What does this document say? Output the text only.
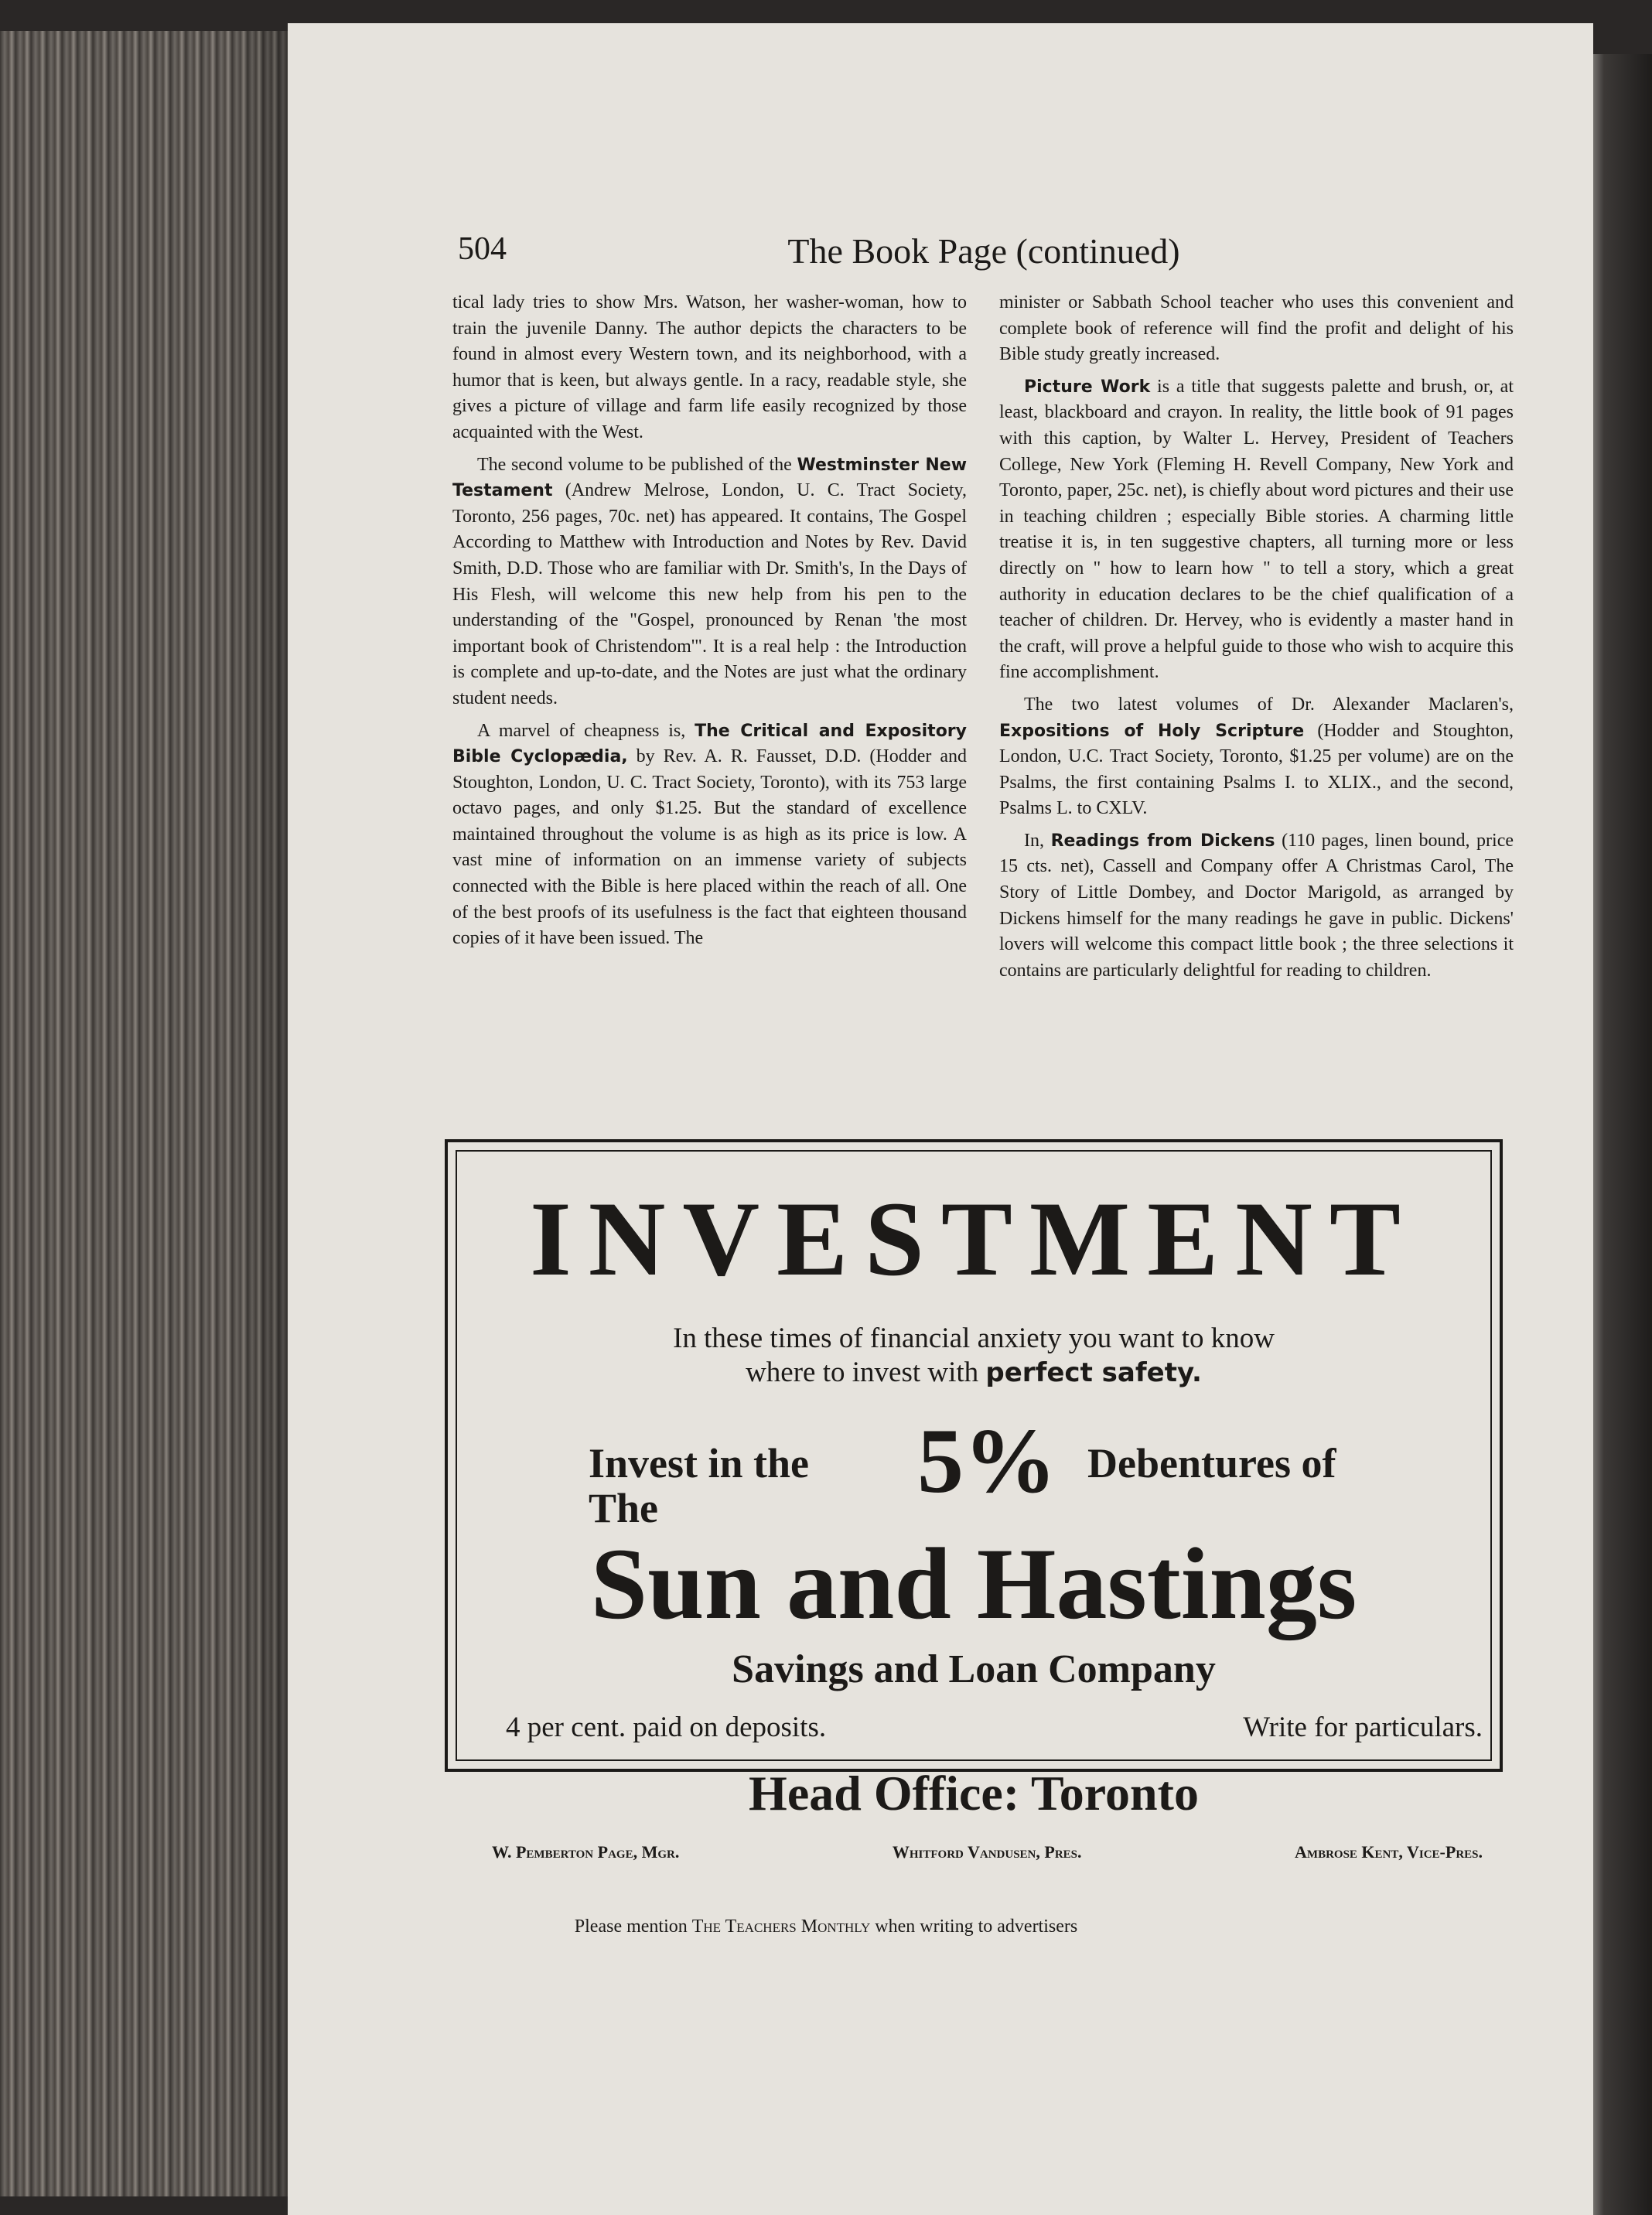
504	The Book Page (continued)

tical lady tries to show Mrs. Watson, her washer-woman, how to train the juvenile Danny. The author depicts the characters to be found in almost every Western town, and its neighborhood, with a humor that is keen, but always gentle. In a racy, readable style, she gives a picture of village and farm life easily recognized by those acquainted with the West.

The second volume to be published of the Westminster New Testament (Andrew Melrose, London, U. C. Tract Society, Toronto, 256 pages, 70c. net) has appeared. It contains, The Gospel According to Matthew with Introduction and Notes by Rev. David Smith, D.D. Those who are familiar with Dr. Smith's, In the Days of His Flesh, will welcome this new help from his pen to the understanding of the "Gospel, pronounced by Renan 'the most important book of Christendom'". It is a real help : the Introduction is complete and up-to-date, and the Notes are just what the ordinary student needs.

A marvel of cheapness is, The Critical and Expository Bible Cyclopædia, by Rev. A. R. Fausset, D.D. (Hodder and Stoughton, London, U. C. Tract Society, Toronto), with its 753 large octavo pages, and only $1.25. But the standard of excellence maintained throughout the volume is as high as its price is low. A vast mine of information on an immense variety of subjects connected with the Bible is here placed within the reach of all. One of the best proofs of its usefulness is the fact that eighteen thousand copies of it have been issued. The

minister or Sabbath School teacher who uses this convenient and complete book of reference will find the profit and delight of his Bible study greatly increased.

Picture Work is a title that suggests palette and brush, or, at least, blackboard and crayon. In reality, the little book of 91 pages with this caption, by Walter L. Hervey, President of Teachers College, New York (Fleming H. Revell Company, New York and Toronto, paper, 25c. net), is chiefly about word pictures and their use in teaching children ; especially Bible stories. A charming little treatise it is, in ten suggestive chapters, all turning more or less directly on " how to learn how " to tell a story, which a great authority in education declares to be the chief qualification of a teacher of children. Dr. Hervey, who is evidently a master hand in the craft, will prove a helpful guide to those who wish to acquire this fine accomplishment.

The two latest volumes of Dr. Alexander Maclaren's, Expositions of Holy Scripture (Hodder and Stoughton, London, U.C. Tract Society, Toronto, $1.25 per volume) are on the Psalms, the first containing Psalms I. to XLIX., and the second, Psalms L. to CXLV.

In, Readings from Dickens (110 pages, linen bound, price 15 cts. net), Cassell and Company offer A Christmas Carol, The Story of Little Dombey, and Doctor Marigold, as arranged by Dickens himself for the many readings he gave in public. Dickens' lovers will welcome this compact little book ; the three selections it contains are particularly delightful for reading to children.

INVESTMENT
In these times of financial anxiety you want to know
where to invest with perfect safety.
Invest in the 5% Debentures of
The
Sun and Hastings
Savings and Loan Company
4 per cent. paid on deposits.	Write for particulars.
Head Office: Toronto
W. Pemberton Page, Mgr.	Whitford Vandusen, Pres.	Ambrose Kent, Vice-Pres.
Please mention The Teachers Monthly when writing to advertisers
